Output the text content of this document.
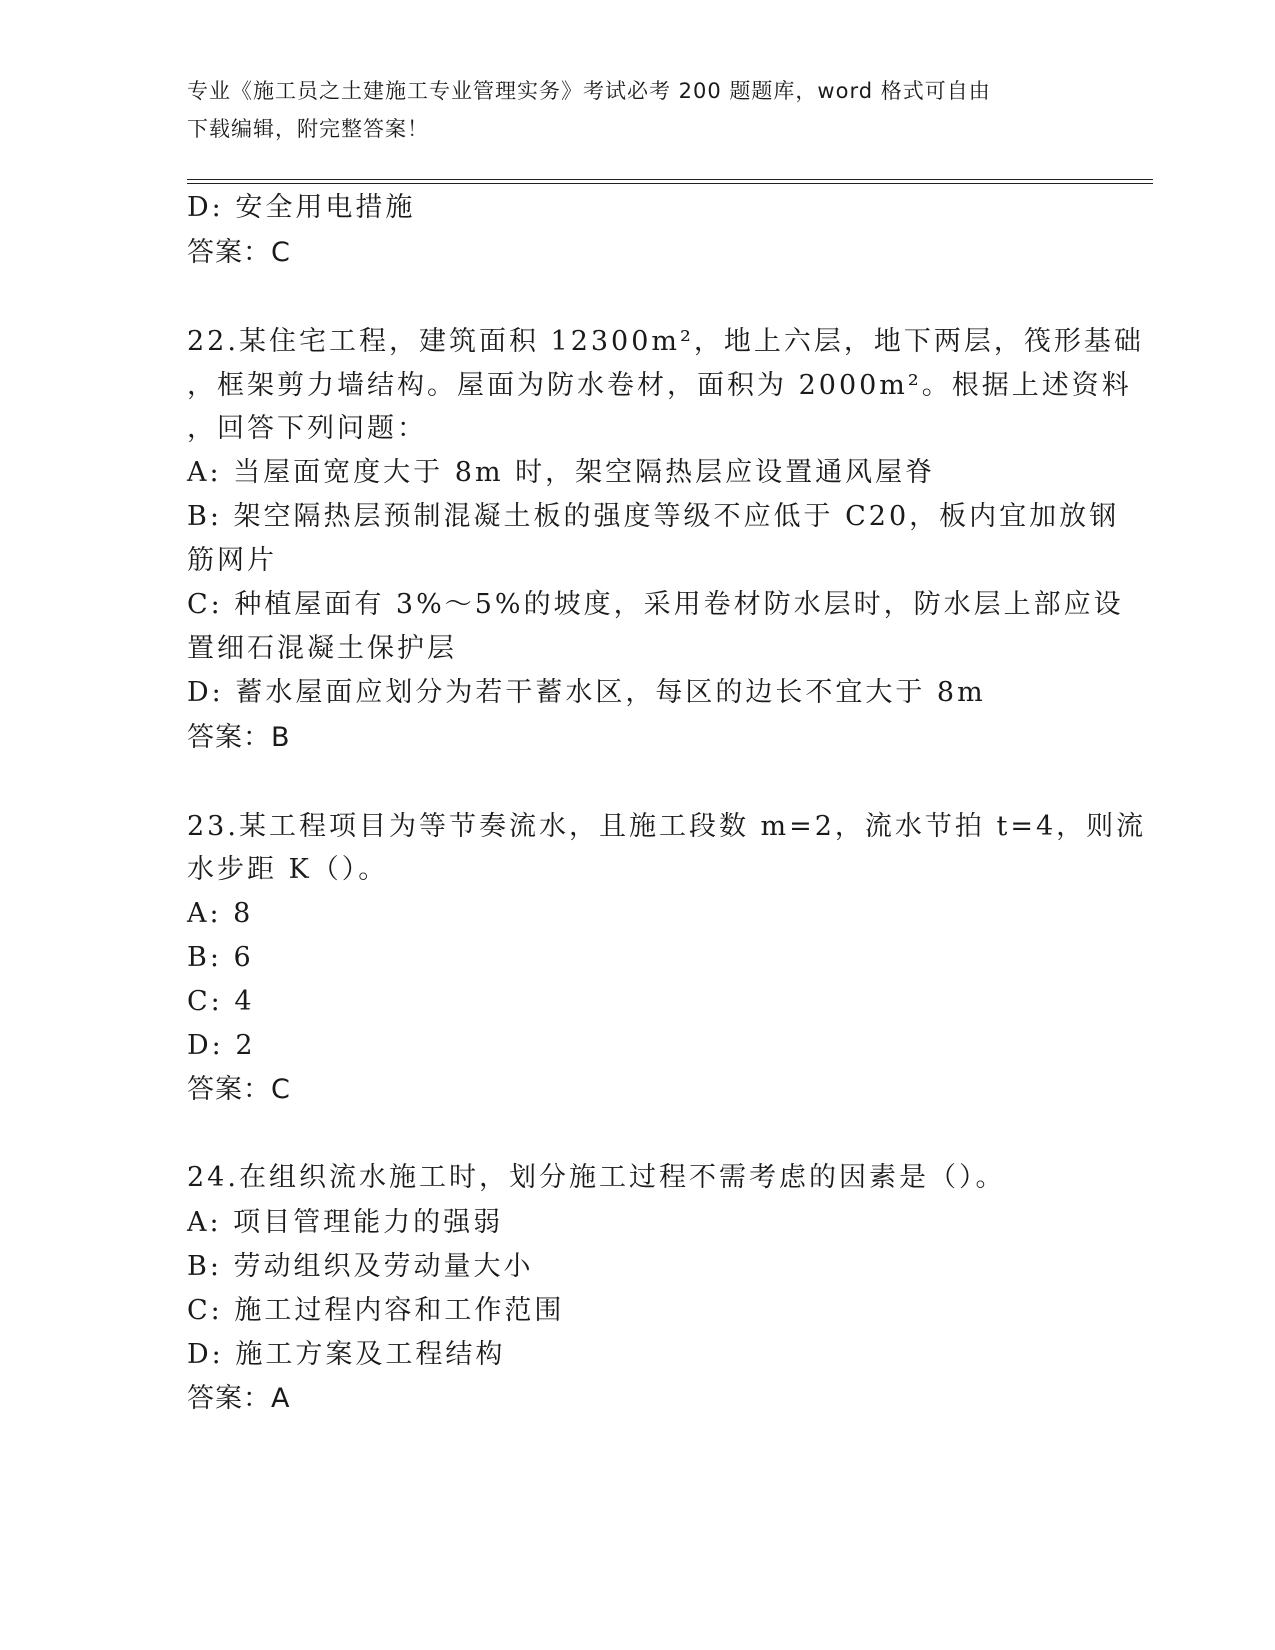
专业《施工员之土建施工专业管理实务》考试必考 200 题题库，word 格式可自由
下载编辑，附完整答案！
D: 安全用电措施
答案：C
22.某住宅工程，建筑面积 12300m²，地上六层，地下两层，筏形基础
，框架剪力墙结构。屋面为防水卷材，面积为 2000m²。根据上述资料
，回答下列问题：
A: 当屋面宽度大于 8m 时，架空隔热层应设置通风屋脊
B: 架空隔热层预制混凝土板的强度等级不应低于 C20，板内宜加放钢
筋网片
C: 种植屋面有 3%～5%的坡度，采用卷材防水层时，防水层上部应设
置细石混凝土保护层
D: 蓄水屋面应划分为若干蓄水区，每区的边长不宜大于 8m
答案：B
23.某工程项目为等节奏流水，且施工段数 m=2，流水节拍 t=4，则流
水步距 K（）。
A: 8
B: 6
C: 4
D: 2
答案：C
24.在组织流水施工时，划分施工过程不需考虑的因素是（）。
A: 项目管理能力的强弱
B: 劳动组织及劳动量大小
C: 施工过程内容和工作范围
D: 施工方案及工程结构
答案：A
